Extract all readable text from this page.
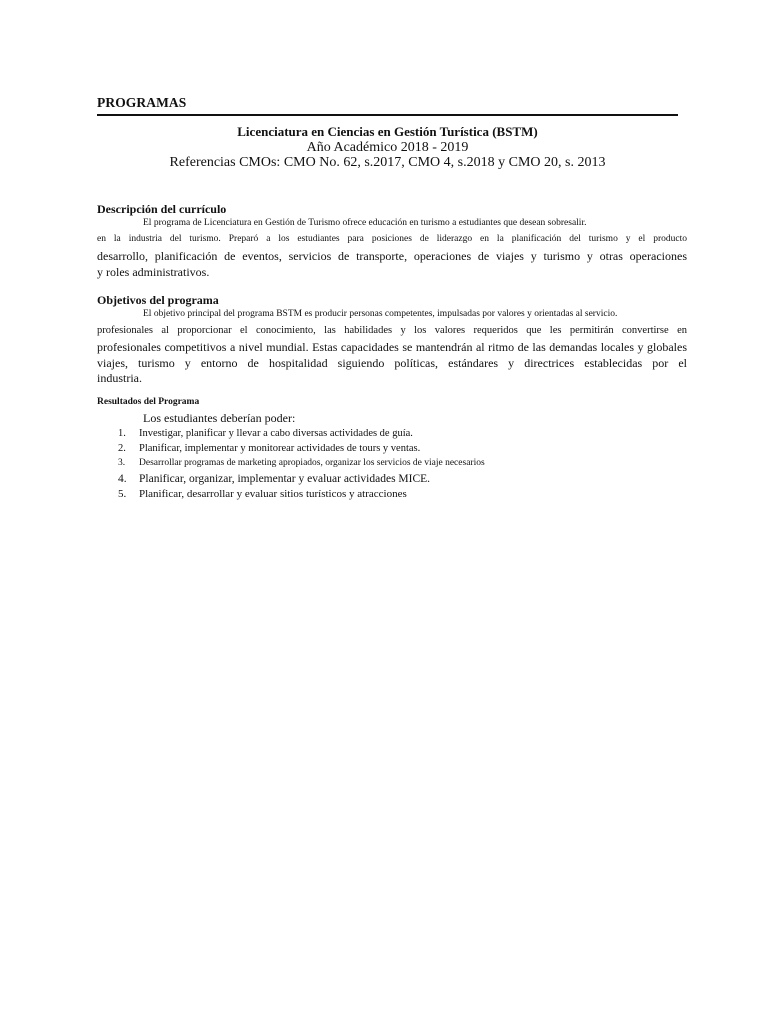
PROGRAMAS
Licenciatura en Ciencias en Gestión Turística (BSTM)
Año Académico 2018 - 2019
Referencias CMOs: CMO No. 62, s.2017, CMO 4, s.2018 y CMO 20, s. 2013
Descripción del currículo
El programa de Licenciatura en Gestión de Turismo ofrece educación en turismo a estudiantes que desean sobresalir.
en la industria del turismo. Preparó a los estudiantes para posiciones de liderazgo en la planificación del turismo y el producto
desarrollo, planificación de eventos, servicios de transporte, operaciones de viajes y turismo y otras operaciones
y roles administrativos.
Objetivos del programa
El objetivo principal del programa BSTM es producir personas competentes, impulsadas por valores y orientadas al servicio.
profesionales al proporcionar el conocimiento, las habilidades y los valores requeridos que les permitirán convertirse en
profesionales competitivos a nivel mundial. Estas capacidades se mantendrán al ritmo de las demandas locales y globales
viajes, turismo y entorno de hospitalidad siguiendo políticas, estándares y directrices establecidas por el
industria.
Resultados del Programa
Los estudiantes deberían poder:
1.	Investigar, planificar y llevar a cabo diversas actividades de guía.
2.	Planificar, implementar y monitorear actividades de tours y ventas.
3.	Desarrollar programas de marketing apropiados, organizar los servicios de viaje necesarios
4.	Planificar, organizar, implementar y evaluar actividades MICE.
5.	Planificar, desarrollar y evaluar sitios turísticos y atracciones
